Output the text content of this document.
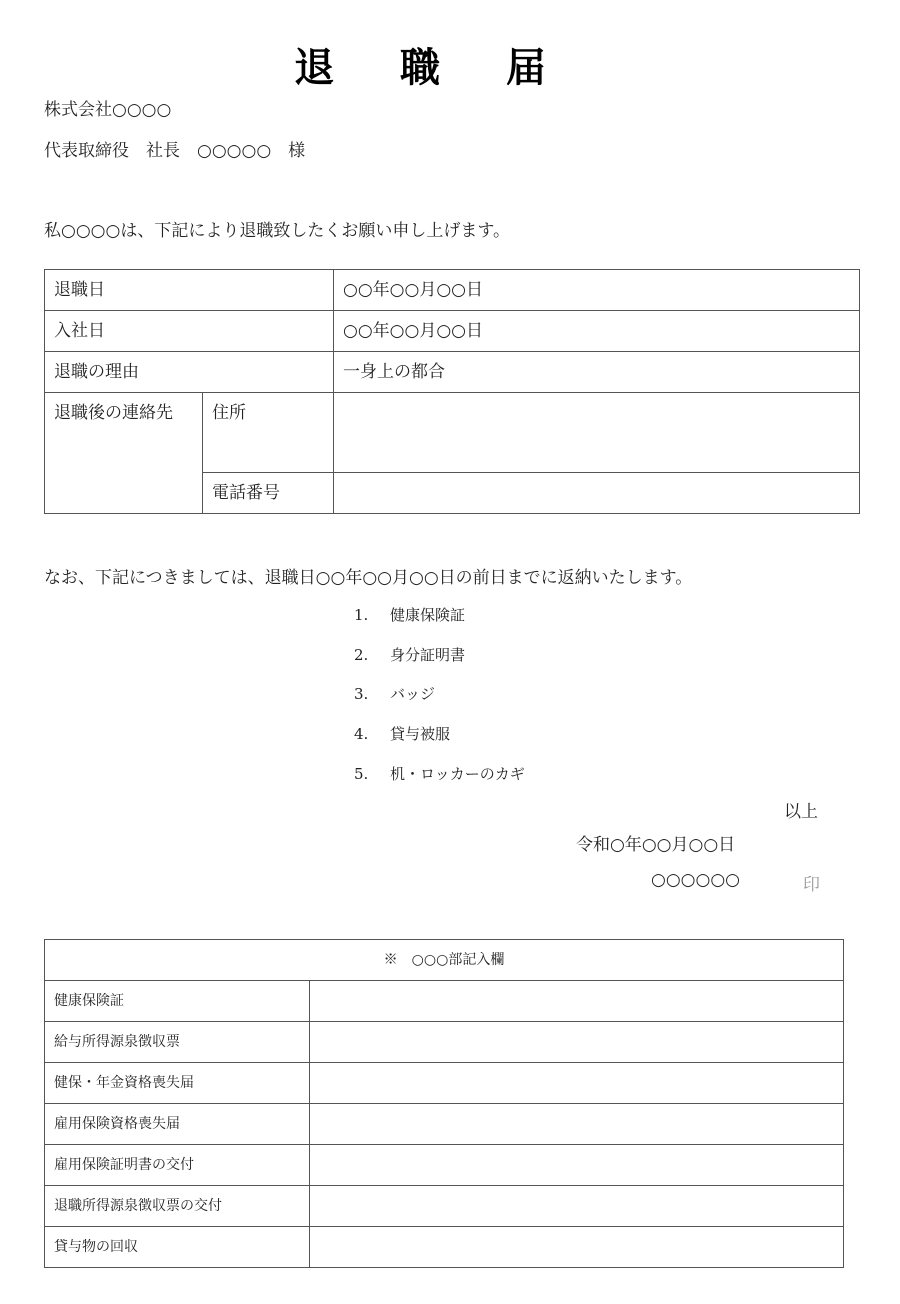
退 職 届
株式会社○○○○
代表取締役　社長　○○○○○　様
私○○○○は、下記により退職致したくお願い申し上げます。
退職日		○○年○○月○○日
入社日		○○年○○月○○日
退職の理由		一身上の都合
退職後の連絡先	住所	
	電話番号	
なお、下記につきましては、退職日○○年○○月○○日の前日までに返納いたします。
1. 健康保険証
2. 身分証明書
3. バッジ
4. 貸与被服
5. 机・ロッカーのカギ
以上
令和○年○○月○○日
○○○○○○	印
※　○○○部記入欄	
健康保険証	
給与所得源泉徴収票	
健保・年金資格喪失届	
雇用保険資格喪失届	
雇用保険証明書の交付	
退職所得源泉徴収票の交付	
貸与物の回収	
